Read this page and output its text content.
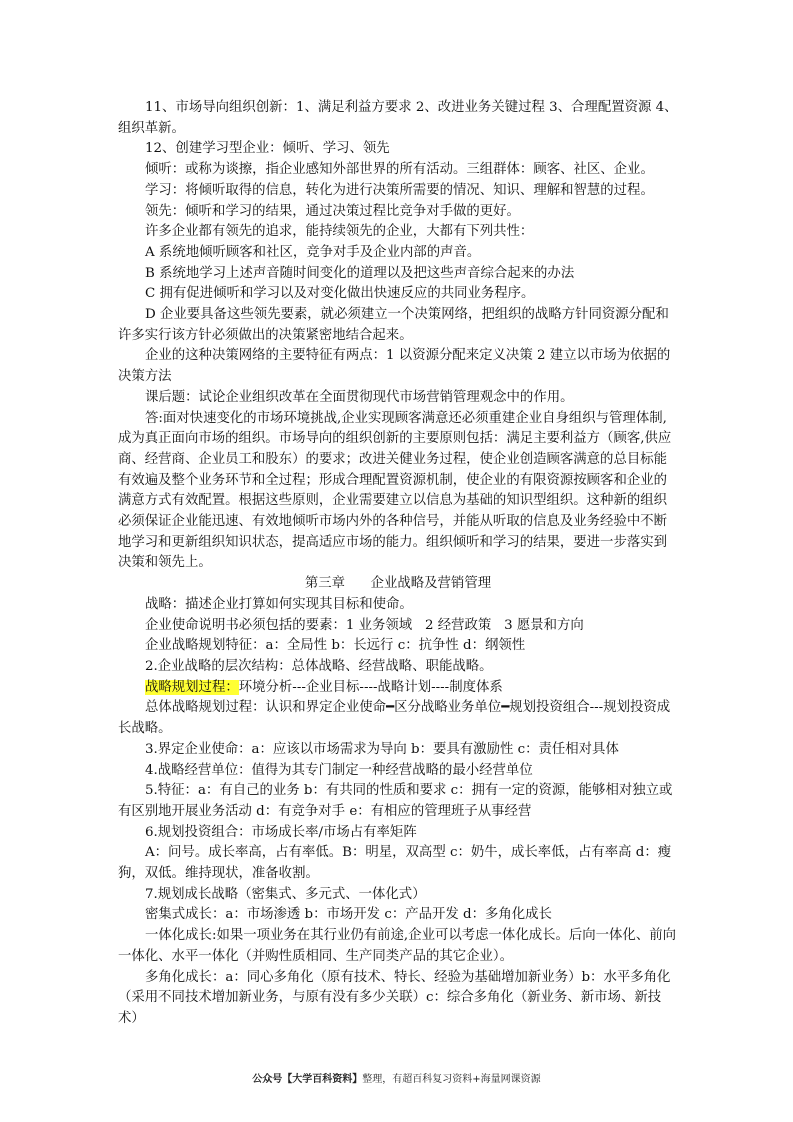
11、市场导向组织创新：1、满足利益方要求 2、改进业务关键过程 3、合理配置资源 4、组织革新。

12、创建学习型企业：倾听、学习、领先

倾听：或称为谈擦，指企业感知外部世界的所有活动。三组群体：顾客、社区、企业。

学习：将倾听取得的信息，转化为进行决策所需要的情况、知识、理解和智慧的过程。

领先：倾听和学习的结果，通过决策过程比竞争对手做的更好。

许多企业都有领先的追求，能持续领先的企业，大都有下列共性：

A 系统地倾听顾客和社区，竞争对手及企业内部的声音。

B 系统地学习上述声音随时间变化的道理以及把这些声音综合起来的办法

C 拥有促进倾听和学习以及对变化做出快速反应的共同业务程序。

D 企业要具备这些领先要素，就必须建立一个决策网络，把组织的战略方针同资源分配和许多实行该方针必须做出的决策紧密地结合起来。

企业的这种决策网络的主要特征有两点：1 以资源分配来定义决策 2 建立以市场为依据的决策方法

课后题：试论企业组织改革在全面贯彻现代市场营销管理观念中的作用。

答:面对快速变化的市场环境挑战,企业实现顾客满意还必须重建企业自身组织与管理体制,成为真正面向市场的组织。市场导向的组织创新的主要原则包括：满足主要利益方（顾客,供应商、经营商、企业员工和股东）的要求；改进关健业务过程，使企业创造顾客满意的总目标能有效遍及整个业务环节和全过程；形成合理配置资源机制，使企业的有限资源按顾客和企业的满意方式有效配置。根据这些原则，企业需要建立以信息为基础的知识型组织。这种新的组织必须保证企业能迅速、有效地倾听市场内外的各种信号，并能从听取的信息及业务经验中不断地学习和更新组织知识状态，提高适应市场的能力。组织倾听和学习的结果，要进一步落实到决策和领先上。

第三章      企业战略及营销管理

战略：描述企业打算如何实现其目标和使命。

企业使命说明书必须包括的要素：1 业务领域   2 经营政策   3 愿景和方向

企业战略规划特征：a：全局性 b：长远行 c：抗争性 d：纲领性

2.企业战略的层次结构：总体战略、经营战略、职能战略。

战略规划过程：环境分析---企业目标----战略计划----制度体系

总体战略规划过程：认识和界定企业使命━区分战略业务单位━规划投资组合---规划投资成长战略。

3.界定企业使命：a：应该以市场需求为导向 b：要具有激励性 c：责任相对具体

4.战略经营单位：值得为其专门制定一种经营战略的最小经营单位

5.特征：a：有自己的业务 b：有共同的性质和要求 c：拥有一定的资源，能够相对独立或有区别地开展业务活动 d：有竞争对手 e：有相应的管理班子从事经营

6.规划投资组合：市场成长率/市场占有率矩阵

A：问号。成长率高，占有率低。B：明星，双高型 c：奶牛，成长率低，占有率高 d：瘦狗，双低。维持现状，准备收割。

7.规划成长战略（密集式、多元式、一体化式）

密集式成长：a：市场渗透 b：市场开发 c：产品开发 d：多角化成长

一体化成长:如果一项业务在其行业仍有前途,企业可以考虑一体化成长。后向一体化、前向一体化、水平一体化（并购性质相同、生产同类产品的其它企业）。

多角化成长：a：同心多角化（原有技术、特长、经验为基础增加新业务）b：水平多角化（采用不同技术增加新业务，与原有没有多少关联）c：综合多角化（新业务、新市场、新技术）

公众号【大学百科资料】整理，有超百科复习资料+海量网课资源
